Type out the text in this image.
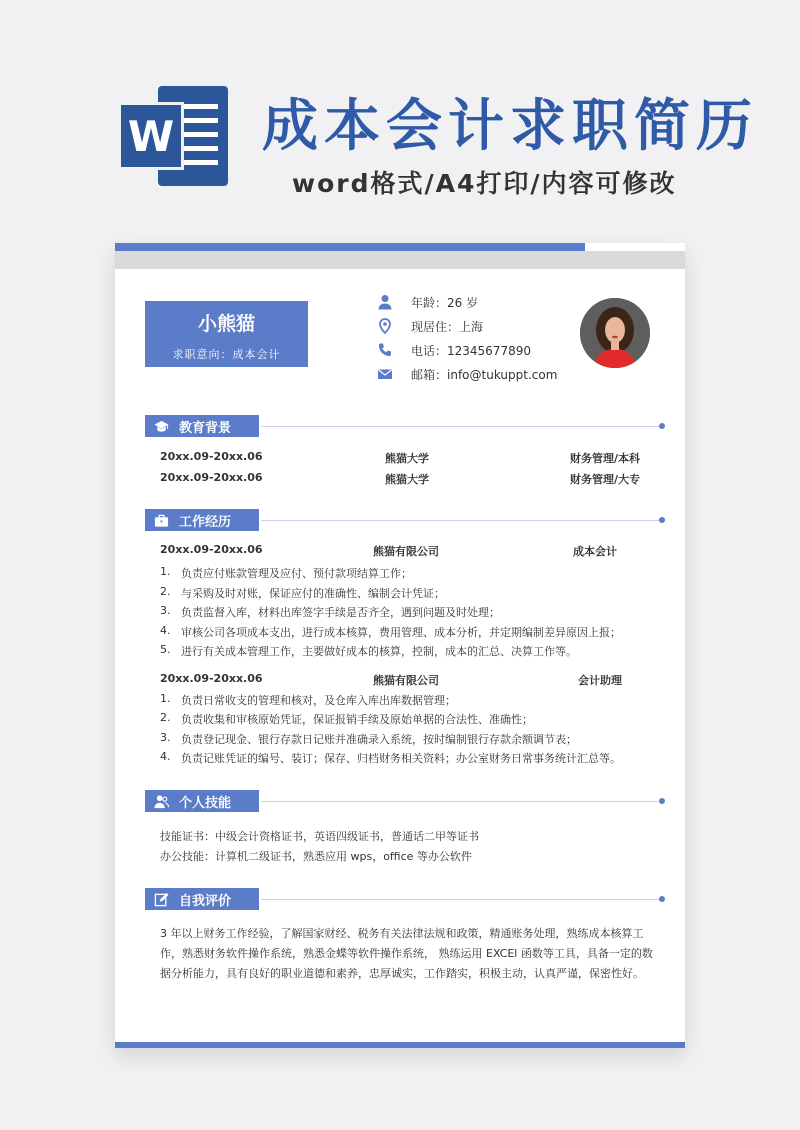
W 成本会计求职简历
word格式/A4打印/内容可修改
小熊猫
求职意向：成本会计
年龄：26 岁
现居住：上海
电话：12345677890
邮箱：info@tukuppt.com
教育背景
20xx.09-20xx.06	熊猫大学	财务管理/本科
20xx.09-20xx.06	熊猫大学	财务管理/大专
工作经历
20xx.09-20xx.06	熊猫有限公司	成本会计
1. 负责应付账款管理及应付、预付款项结算工作；
2. 与采购及时对账，保证应付的准确性、编制会计凭证；
3. 负责监督入库，材料出库签字手续是否齐全，遇到问题及时处理；
4. 审核公司各项成本支出，进行成本核算，费用管理、成本分析，并定期编制差异原因上报；
5. 进行有关成本管理工作，主要做好成本的核算，控制，成本的汇总、决算工作等。
20xx.09-20xx.06	熊猫有限公司	会计助理
1. 负责日常收支的管理和核对，及仓库入库出库数据管理；
2. 负责收集和审核原始凭证，保证报销手续及原始单据的合法性、准确性；
3. 负责登记现金、银行存款日记账并准确录入系统，按时编制银行存款余额调节表；
4. 负责记账凭证的编号、装订；保存、归档财务相关资料；办公室财务日常事务统计汇总等。
个人技能
技能证书：中级会计资格证书，英语四级证书，普通话二甲等证书
办公技能：计算机二级证书，熟悉应用 wps，office 等办公软件
自我评价
3 年以上财务工作经验，了解国家财经、税务有关法律法规和政策，精通账务处理，熟练成本核算工作，熟悉财务软件操作系统，熟悉金蝶等软件操作系统， 熟练运用 EXCEl 函数等工具，具备一定的数据分析能力，具有良好的职业道德和素养，忠厚诚实，工作踏实，积极主动，认真严谨，保密性好。
